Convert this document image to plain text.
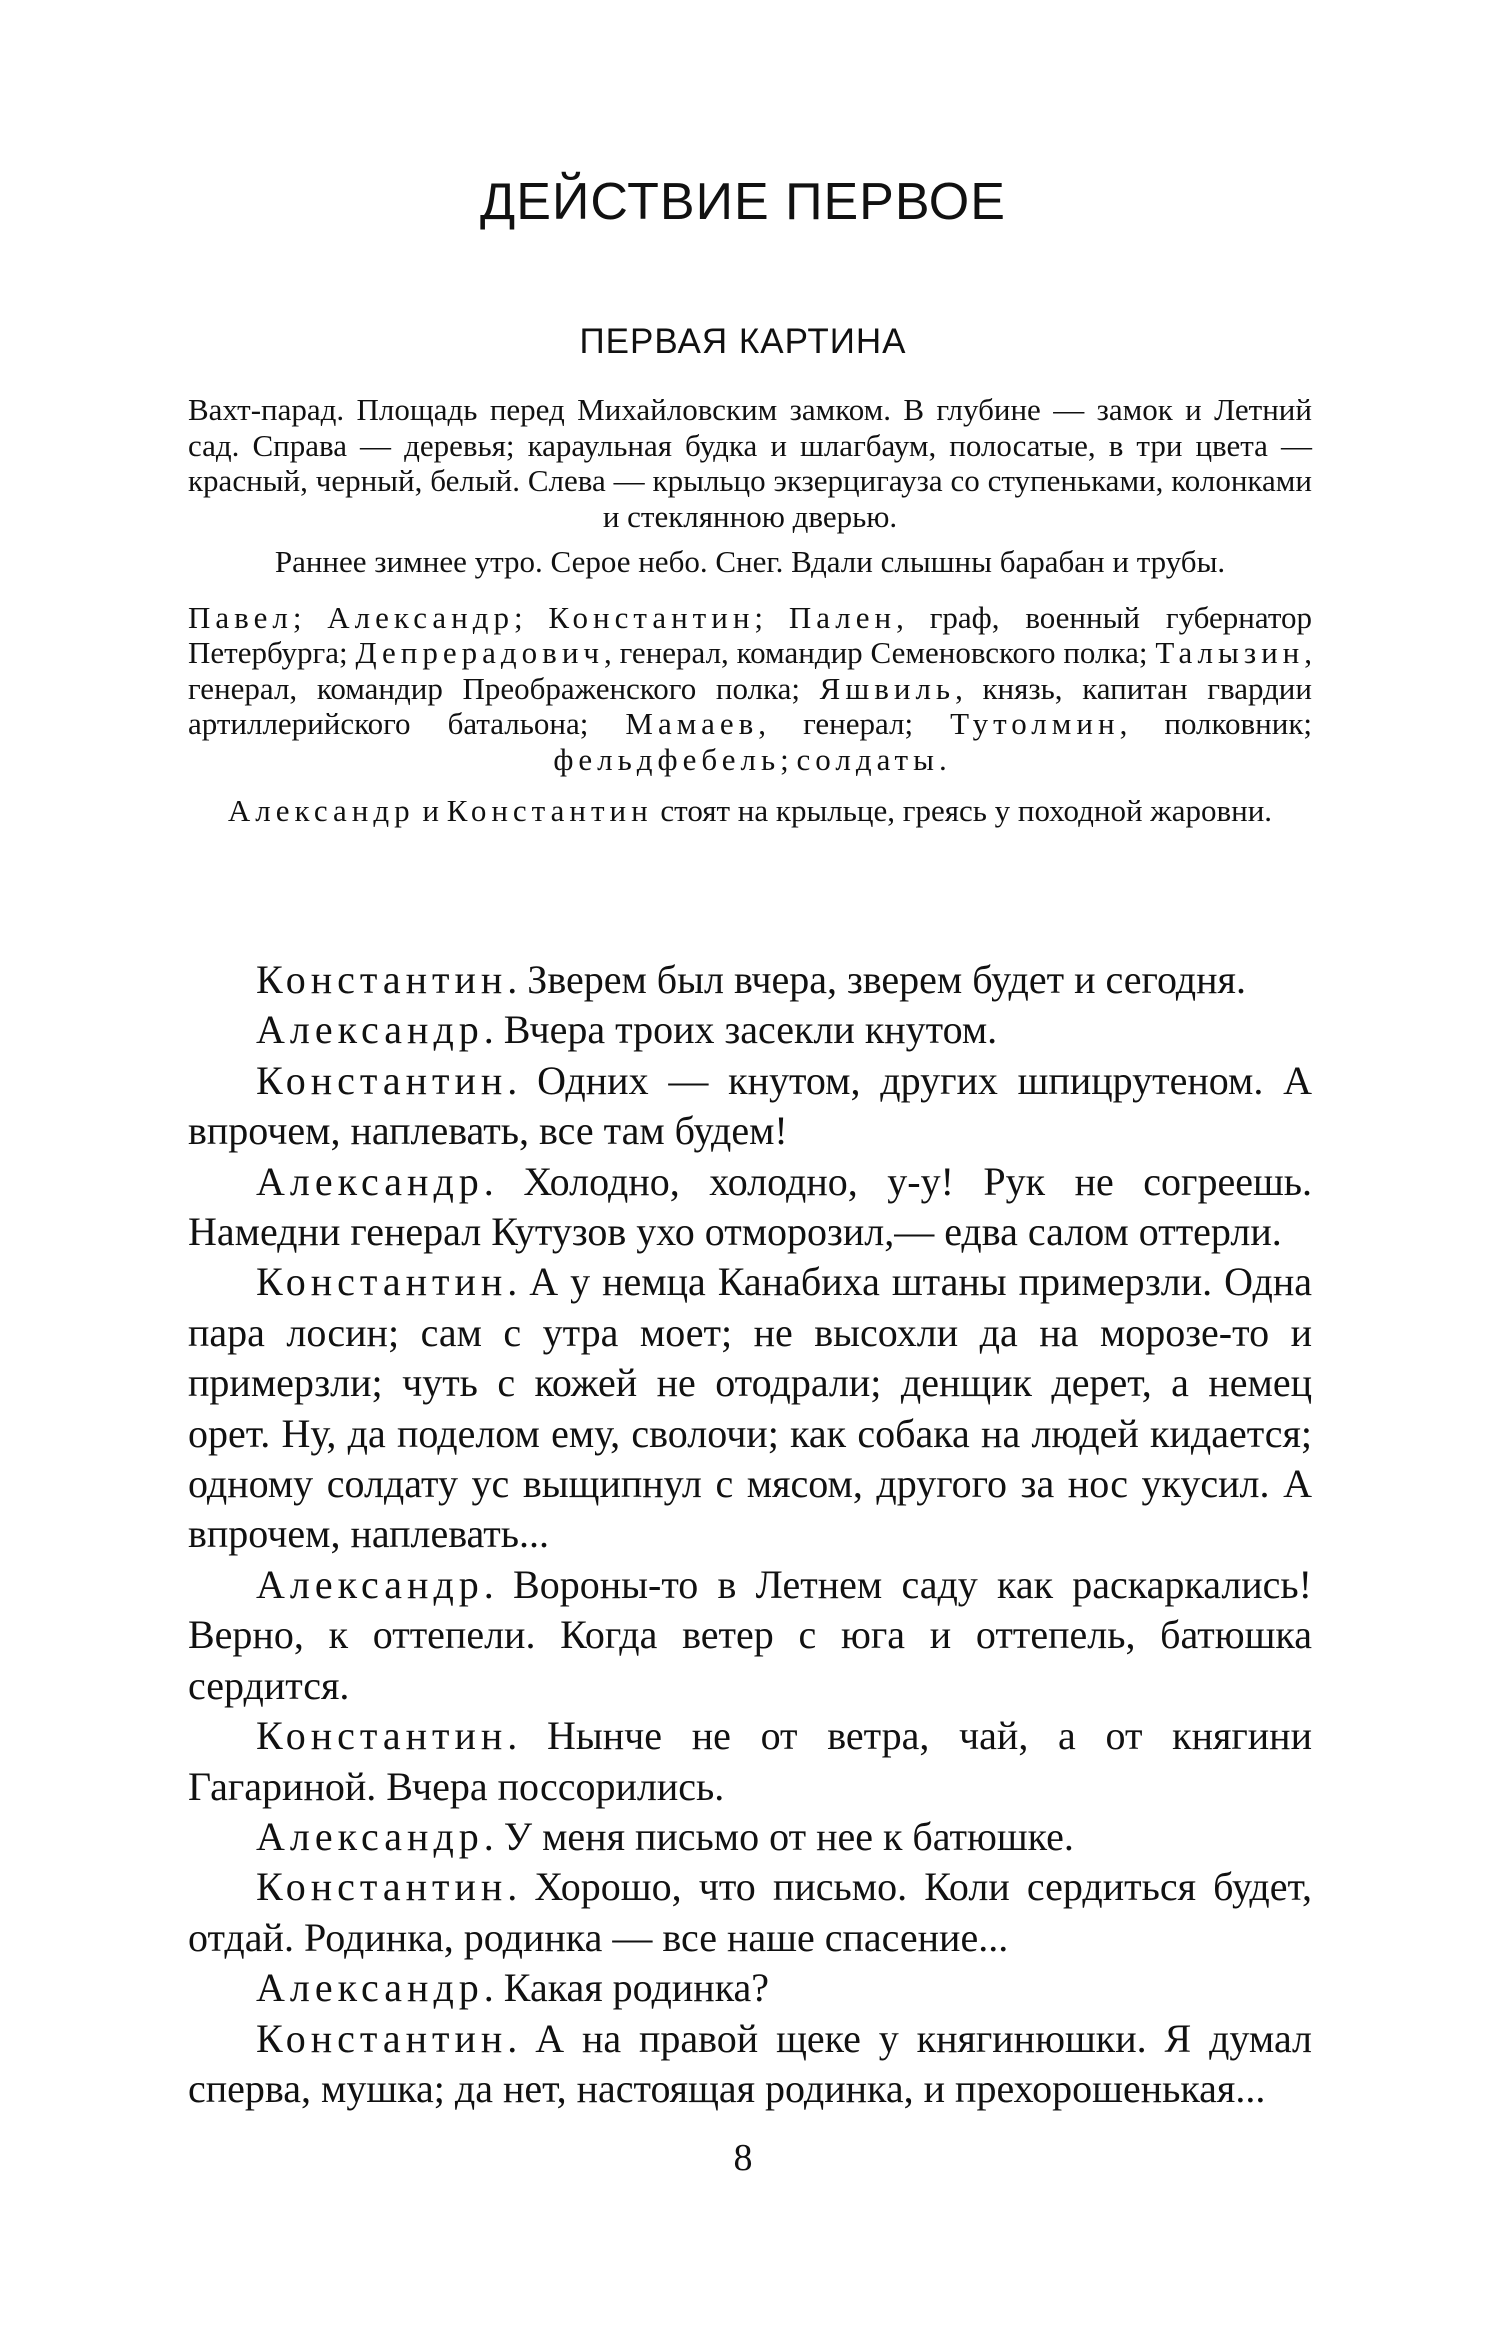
ДЕЙСТВИЕ ПЕРВОЕ
ПЕРВАЯ КАРТИНА

Вахт-парад. Площадь перед Михайловским замком. В глубине — замок и Летний сад. Справа — деревья; караульная будка и шлагбаум, полосатые, в три цвета — красный, черный, белый. Слева — крыльцо экзерцигауза со ступеньками, колонками и стеклянною дверью.

Раннее зимнее утро. Серое небо. Снег. Вдали слышны барабан и трубы.

Павел; Александр; Константин; Пален, граф, военный губернатор Петербурга; Депрерадович, генерал, командир Семеновского полка; Талызин, генерал, командир Преображенского полка; Яшвиль, князь, капитан гвардии артиллерийского батальона; Мамаев, генерал; Тутолмин, полковник; фельдфебель; солдаты.

Александр и Константин стоят на крыльце, греясь у походной жаровни.

Константин. Зверем был вчера, зверем будет и сегодня.

Александр. Вчера троих засекли кнутом.

Константин. Одних — кнутом, других шпицрутеном. А впрочем, наплевать, все там будем!

Александр. Холодно, холодно, у-у! Рук не согреешь. Намедни генерал Кутузов ухо отморозил,— едва салом оттерли.

Константин. А у немца Канабиха штаны примерзли. Одна пара лосин; сам с утра моет; не высохли да на морозе-то и примерзли; чуть с кожей не отодрали; денщик дерет, а немец орет. Ну, да поделом ему, сволочи; как собака на людей кидается; одному солдату ус выщипнул с мясом, другого за нос укусил. А впрочем, наплевать...

Александр. Вороны-то в Летнем саду как раскаркались! Верно, к оттепели. Когда ветер с юга и оттепель, батюшка сердится.

Константин. Нынче не от ветра, чай, а от княгини Гагариной. Вчера поссорились.

Александр. У меня письмо от нее к батюшке.

Константин. Хорошо, что письмо. Коли сердиться будет, отдай. Родинка, родинка — все наше спасение...

Александр. Какая родинка?

Константин. А на правой щеке у княгинюшки. Я думал сперва, мушка; да нет, настоящая родинка, и прехорошенькая...

8
